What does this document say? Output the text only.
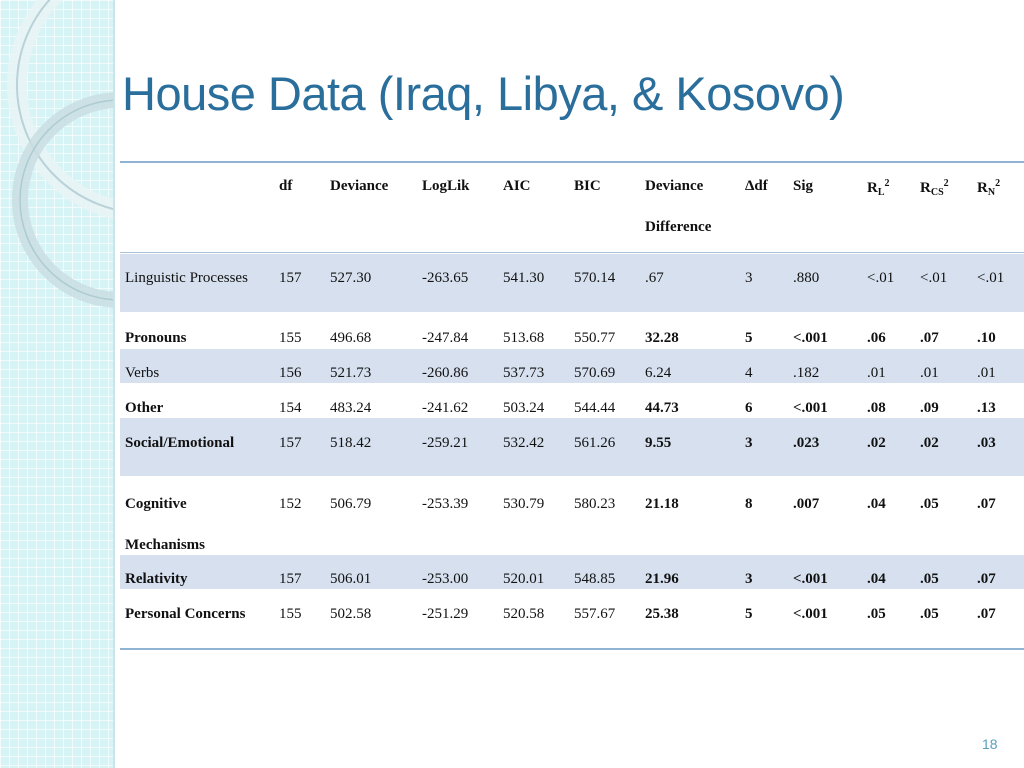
House Data (Iraq, Libya, & Kosovo)
df	Deviance LogLik AIC	BIC	Deviance
Difference
Δdf Sig	$R_L^2$ $R_{CS}^2$ $R_N^2$
Linguistic Processes 157 527.30	-263.65 541.30 570.14 .67	3	.880	<.01 <.01 <.01
Pronouns	155 496.68	-247.84 513.68 550.77 32.28	5	<.001	.06 .07	.10
Verbs	156 521.73	-260.86 537.73 570.69 6.24	4	.182	.01 .01	.01
Other	154 483.24	-241.62 503.24 544.44 44.73	6	<.001	.08 .09	.13
Social/Emotional	157 518.42	-259.21 532.42 561.26 9.55	3	.023	.02 .02	.03
Cognitive
Mechanisms
152 506.79	-253.39 530.79 580.23 21.18	8	.007	.04 .05	.07
Relativity	157 506.01	-253.00 520.01 548.85 21.96	3	<.001	.04 .05	.07
Personal Concerns 155 502.58	-251.29 520.58 557.67 25.38	5	<.001	.05 .05	.07
18
